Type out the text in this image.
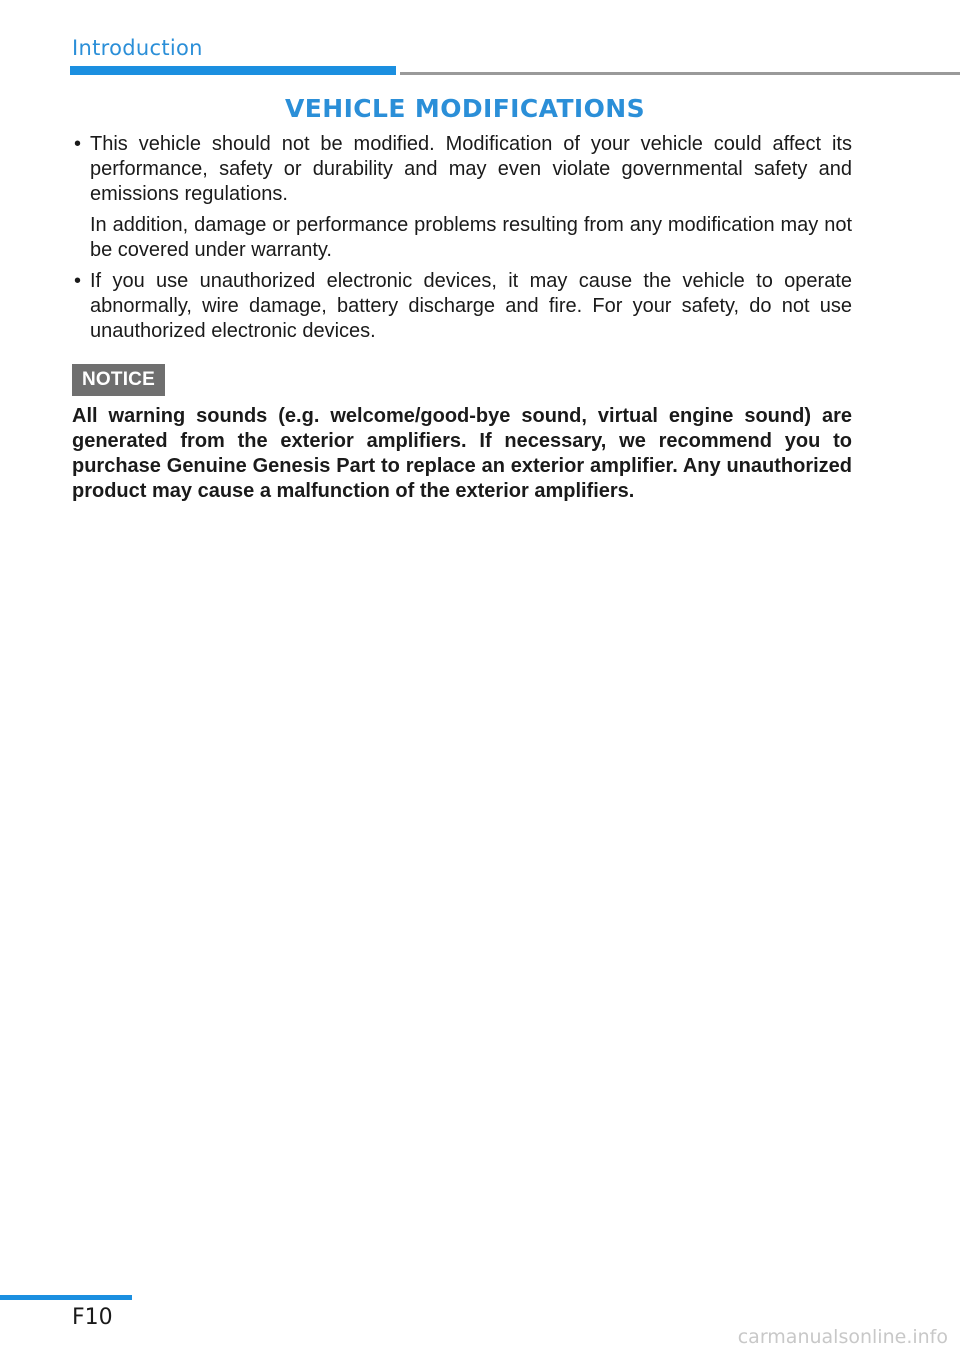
Introduction
VEHICLE MODIFICATIONS
• This vehicle should not be modified. Modification of your vehicle could affect its performance, safety or durability and may even violate governmental safety and emissions regulations.

In addition, damage or performance problems resulting from any modification may not be covered under warranty.

• If you use unauthorized electronic devices, it may cause the vehicle to operate abnormally, wire damage, battery discharge and fire. For your safety, do not use unauthorized electronic devices.

NOTICE

All warning sounds (e.g. welcome/good-bye sound, virtual engine sound) are generated from the exterior amplifiers. If necessary, we recommend you to purchase Genuine Genesis Part to replace an exterior amplifier. Any unauthorized product may cause a malfunction of the exterior amplifiers.

F10
carmanualsonline.info
